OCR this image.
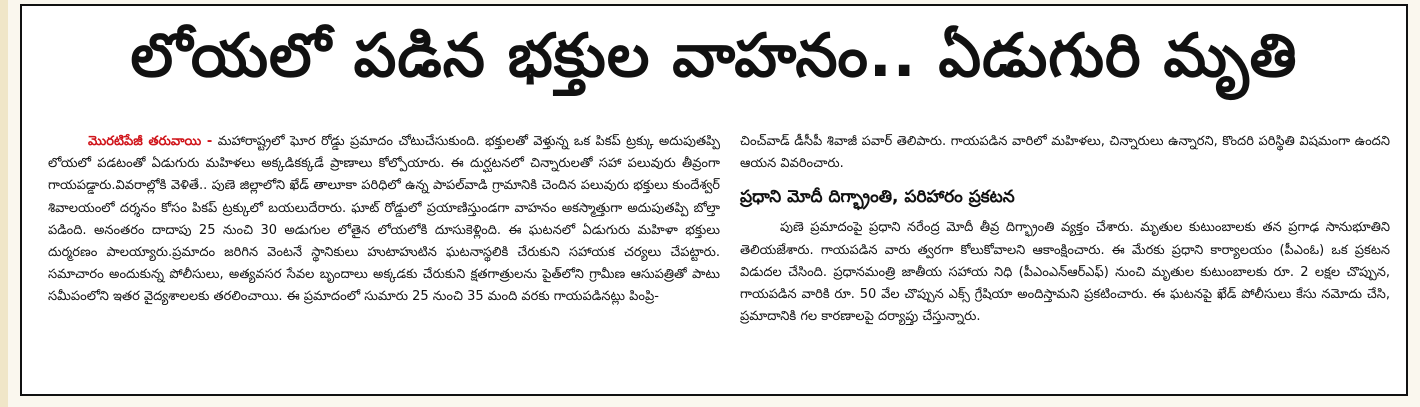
లోయలో పడిన భక్తుల వాహనం.. ఏడుగురి మృతి

మొరటిపేజీ తరువాయి - మహారాష్ట్రలో ఘోర రోడ్డు ప్రమాదం చోటుచేసుకుంది. భక్తులతో వెళ్తున్న ఒక పికప్ ట్రక్కు అదుపుతప్పి లోయలో పడటంతో ఏడుగురు మహిళలు అక్కడికక్కడే ప్రాణాలు కోల్పోయారు. ఈ దుర్ఘటనలో చిన్నారులతో సహా పలువురు తీవ్రంగా గాయపడ్డారు.వివరాల్లోకి వెళితే.. పుణె జిల్లాలోని ఖేడ్ తాలూకా పరిధిలో ఉన్న పాపల్‌వాడి గ్రామానికి చెందిన పలువురు భక్తులు కుందేశ్వర్ శివాలయంలో దర్శనం కోసం పికప్ ట్రక్కులో బయలుదేరారు. ఘాట్ రోడ్డులో ప్రయాణిస్తుండగా వాహనం అకస్మాత్తుగా అదుపుతప్పి బోల్తా పడింది. అనంతరం దాదాపు 25 నుంచి 30 అడుగుల లోతైన లోయలోకి దూసుకెళ్లింది. ఈ ఘటనలో ఏడుగురు మహిళా భక్తులు దుర్మరణం పాలయ్యారు.ప్రమాదం జరిగిన వెంటనే స్థానికులు హుటాహుటిన ఘటనాస్థలికి చేరుకుని సహాయక చర్యలు చేపట్టారు. సమాచారం అందుకున్న పోలీసులు, అత్యవసర సేవల బృందాలు అక్కడకు చేరుకుని క్షతగాత్రులను పైత్‌లోని గ్రామీణ ఆసుపత్రితో పాటు సమీపంలోని ఇతర వైద్యశాలలకు తరలించాయి. ఈ ప్రమాదంలో సుమారు 25 నుంచి 35 మంది వరకు గాయపడినట్లు పింప్రి-

చించ్‌వాడ్ డీసీపీ శివాజీ పవార్ తెలిపారు. గాయపడిన వారిలో మహిళలు, చిన్నారులు ఉన్నారని, కొందరి పరిస్థితి విషమంగా ఉందని ఆయన వివరించారు.

ప్రధాని మోదీ దిగ్భ్రాంతి, పరిహారం ప్రకటన

పుణె ప్రమాదంపై ప్రధాని నరేంద్ర మోదీ తీవ్ర దిగ్భ్రాంతి వ్యక్తం చేశారు. మృతుల కుటుంబాలకు తన ప్రగాఢ సానుభూతిని తెలియజేశారు. గాయపడిన వారు త్వరగా కోలుకోవాలని ఆకాంక్షించారు. ఈ మేరకు ప్రధాని కార్యాలయం (పీఎంఓ) ఒక ప్రకటన విడుదల చేసింది. ప్రధానమంత్రి జాతీయ సహాయ నిధి (పీఎంఎన్‌ఆర్ఎఫ్) నుంచి మృతుల కుటుంబాలకు రూ. 2 లక్షల చొప్పున, గాయపడిన వారికి రూ. 50 వేల చొప్పున ఎక్స్ గ్రేషియా అందిస్తామని ప్రకటించారు. ఈ ఘటనపై ఖేడ్ పోలీసులు కేసు నమోదు చేసి, ప్రమాదానికి గల కారణాలపై దర్యాప్తు చేస్తున్నారు.
